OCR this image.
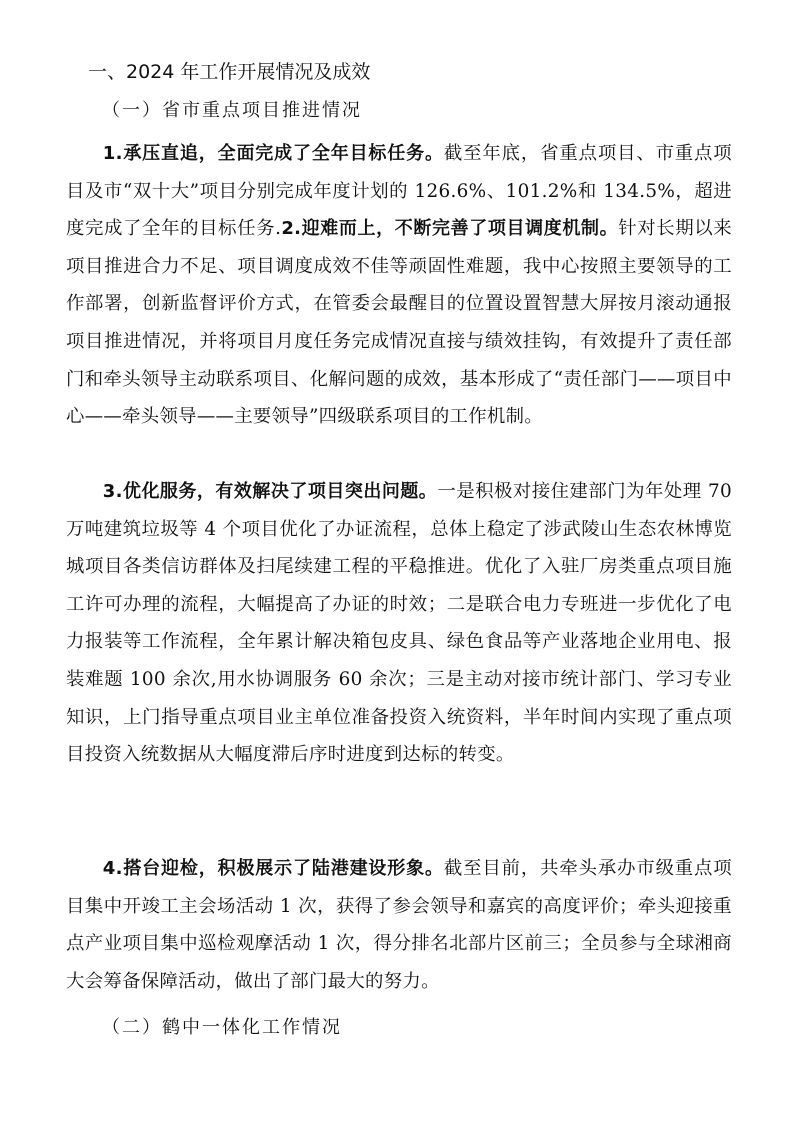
一、2024 年工作开展情况及成效
（一）省市重点项目推进情况

1.承压直追，全面完成了全年目标任务。截至年底，省重点项目、市重点项目及市“双十大”项目分别完成年度计划的 126.6%、101.2%和 134.5%，超进度完成了全年的目标任务.2.迎难而上，不断完善了项目调度机制。针对长期以来项目推进合力不足、项目调度成效不佳等顽固性难题，我中心按照主要领导的工作部署，创新监督评价方式，在管委会最醒目的位置设置智慧大屏按月滚动通报项目推进情况，并将项目月度任务完成情况直接与绩效挂钩，有效提升了责任部门和牵头领导主动联系项目、化解问题的成效，基本形成了“责任部门——项目中心——牵头领导——主要领导”四级联系项目的工作机制。

3.优化服务，有效解决了项目突出问题。一是积极对接住建部门为年处理 70 万吨建筑垃圾等 4 个项目优化了办证流程，总体上稳定了涉武陵山生态农林博览城项目各类信访群体及扫尾续建工程的平稳推进。优化了入驻厂房类重点项目施工许可办理的流程，大幅提高了办证的时效；二是联合电力专班进一步优化了电力报装等工作流程，全年累计解决箱包皮具、绿色食品等产业落地企业用电、报装难题 100 余次,用水协调服务 60 余次；三是主动对接市统计部门、学习专业知识，上门指导重点项目业主单位准备投资入统资料，半年时间内实现了重点项目投资入统数据从大幅度滞后序时进度到达标的转变。

4.搭台迎检，积极展示了陆港建设形象。截至目前，共牵头承办市级重点项目集中开竣工主会场活动 1 次，获得了参会领导和嘉宾的高度评价；牵头迎接重点产业项目集中巡检观摩活动 1 次，得分排名北部片区前三；全员参与全球湘商大会筹备保障活动，做出了部门最大的努力。

（二）鹤中一体化工作情况
